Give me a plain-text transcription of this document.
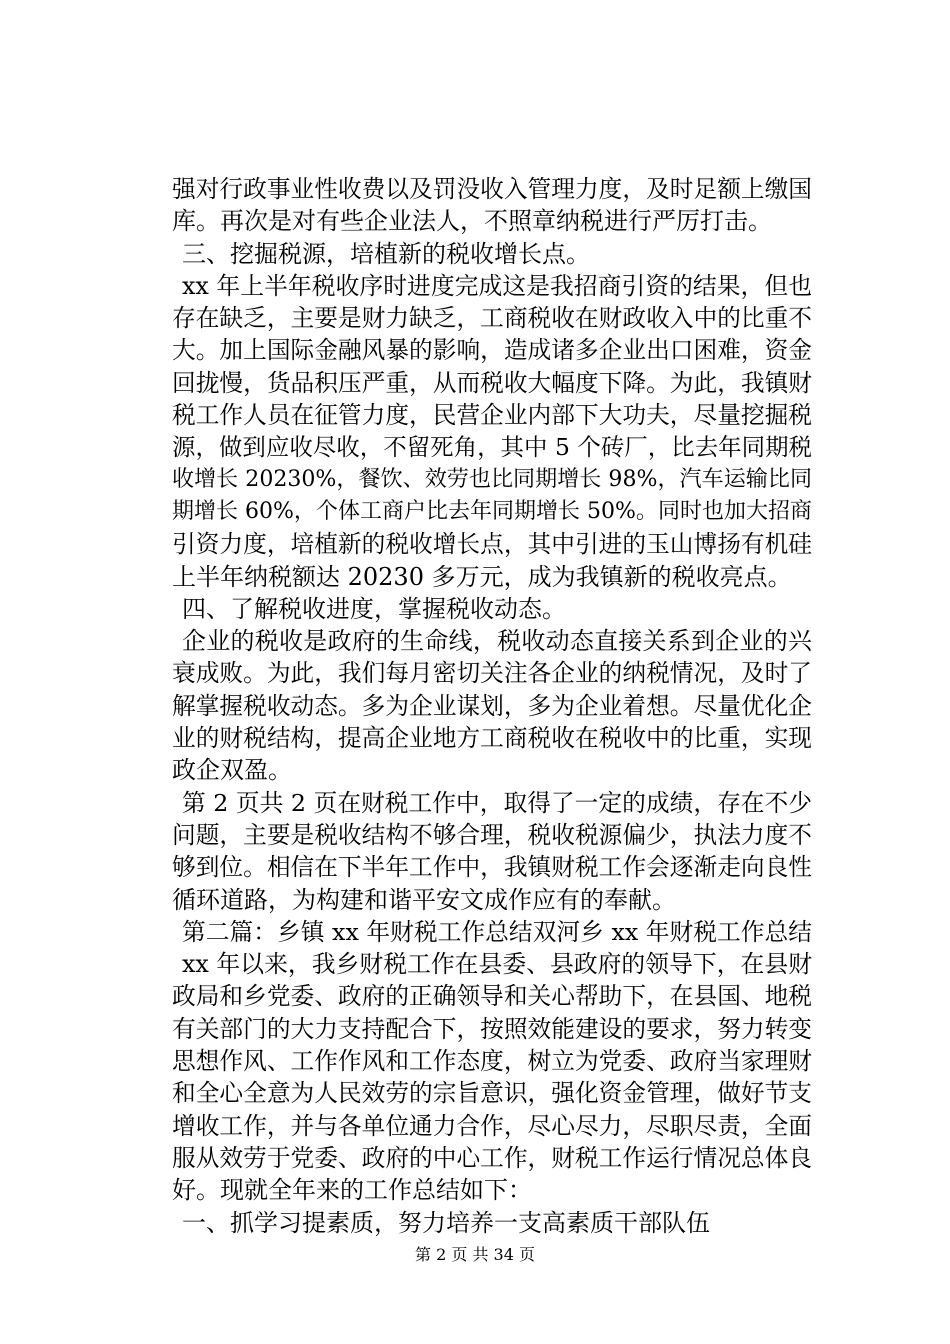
强对行政事业性收费以及罚没收入管理力度，及时足额上缴国
库。再次是对有些企业法人，不照章纳税进行严厉打击。
三、挖掘税源，培植新的税收增长点。
xx 年上半年税收序时进度完成这是我招商引资的结果，但也
存在缺乏，主要是财力缺乏，工商税收在财政收入中的比重不
大。加上国际金融风暴的影响，造成诸多企业出口困难，资金
回拢慢，货品积压严重，从而税收大幅度下降。为此，我镇财
税工作人员在征管力度，民营企业内部下大功夫，尽量挖掘税
源，做到应收尽收，不留死角，其中 5 个砖厂，比去年同期税
收增长 20230%，餐饮、效劳也比同期增长 98%，汽车运输比同
期增长 60%，个体工商户比去年同期增长 50%。同时也加大招商
引资力度，培植新的税收增长点，其中引进的玉山博扬有机硅
上半年纳税额达 20230 多万元，成为我镇新的税收亮点。
四、了解税收进度，掌握税收动态。
企业的税收是政府的生命线，税收动态直接关系到企业的兴
衰成败。为此，我们每月密切关注各企业的纳税情况，及时了
解掌握税收动态。多为企业谋划，多为企业着想。尽量优化企
业的财税结构，提高企业地方工商税收在税收中的比重，实现
政企双盈。
第 2 页共 2 页在财税工作中，取得了一定的成绩，存在不少
问题，主要是税收结构不够合理，税收税源偏少，执法力度不
够到位。相信在下半年工作中，我镇财税工作会逐渐走向良性
循环道路，为构建和谐平安文成作应有的奉献。
第二篇：乡镇 xx 年财税工作总结双河乡 xx 年财税工作总结
xx 年以来，我乡财税工作在县委、县政府的领导下，在县财
政局和乡党委、政府的正确领导和关心帮助下，在县国、地税
有关部门的大力支持配合下，按照效能建设的要求，努力转变
思想作风、工作作风和工作态度，树立为党委、政府当家理财
和全心全意为人民效劳的宗旨意识，强化资金管理，做好节支
增收工作，并与各单位通力合作，尽心尽力，尽职尽责，全面
服从效劳于党委、政府的中心工作，财税工作运行情况总体良
好。现就全年来的工作总结如下：
一、抓学习提素质，努力培养一支高素质干部队伍
第 2 页 共 34 页
